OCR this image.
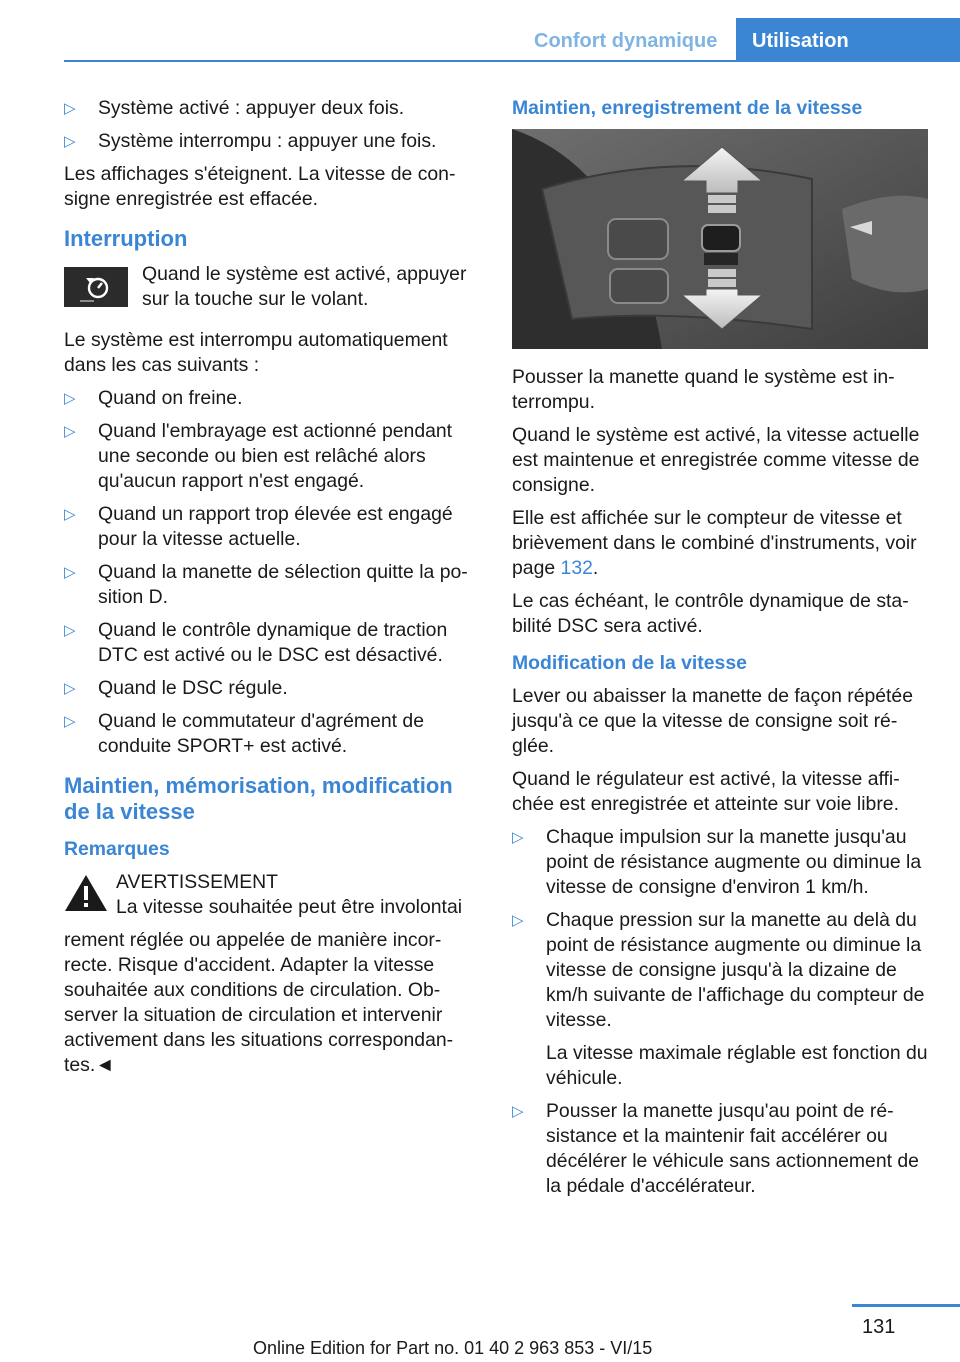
Confort dynamique Utilisation
▷ Système activé : appuyer deux fois.
▷ Système interrompu : appuyer une fois.

Les affichages s'éteignent. La vitesse de consigne enregistrée est effacée.

Interruption
Quand le système est activé, appuyer sur la touche sur le volant.

Le système est interrompu automatiquement dans les cas suivants :

▷ Quand on freine.
▷ Quand l'embrayage est actionné pendant une seconde ou bien est relâché alors qu'aucun rapport n'est engagé.
▷ Quand un rapport trop élevée est engagé pour la vitesse actuelle.
▷ Quand la manette de sélection quitte la position D.
▷ Quand le contrôle dynamique de traction DTC est activé ou le DSC est désactivé.
▷ Quand le DSC régule.
▷ Quand le commutateur d'agrément de conduite SPORT+ est activé.
Maintien, mémorisation, modification de la vitesse
Remarques
AVERTISSEMENT
La vitesse souhaitée peut être involontai

rement réglée ou appelée de manière incorrecte. Risque d'accident. Adapter la vitesse souhaitée aux conditions de circulation. Observer la situation de circulation et intervenir activement dans les situations correspondantes.◄

Maintien, enregistrement de la vitesse

Pousser la manette quand le système est interrompu.

Quand le système est activé, la vitesse actuelle est maintenue et enregistrée comme vitesse de consigne.

Elle est affichée sur le compteur de vitesse et brièvement dans le combiné d'instruments, voir page 132.

Le cas échéant, le contrôle dynamique de stabilité DSC sera activé.

Modification de la vitesse

Lever ou abaisser la manette de façon répétée jusqu'à ce que la vitesse de consigne soit réglée.

Quand le régulateur est activé, la vitesse affichée est enregistrée et atteinte sur voie libre.

▷ Chaque impulsion sur la manette jusqu'au point de résistance augmente ou diminue la vitesse de consigne d'environ 1 km/h.
▷ Chaque pression sur la manette au delà du point de résistance augmente ou diminue la vitesse de consigne jusqu'à la dizaine de km/h suivante de l'affichage du compteur de vitesse.
La vitesse maximale réglable est fonction du véhicule.
▷ Pousser la manette jusqu'au point de résistance et la maintenir fait accélérer ou décélérer le véhicule sans actionnement de la pédale d'accélérateur.
131
Online Edition for Part no. 01 40 2 963 853 - VI/15
